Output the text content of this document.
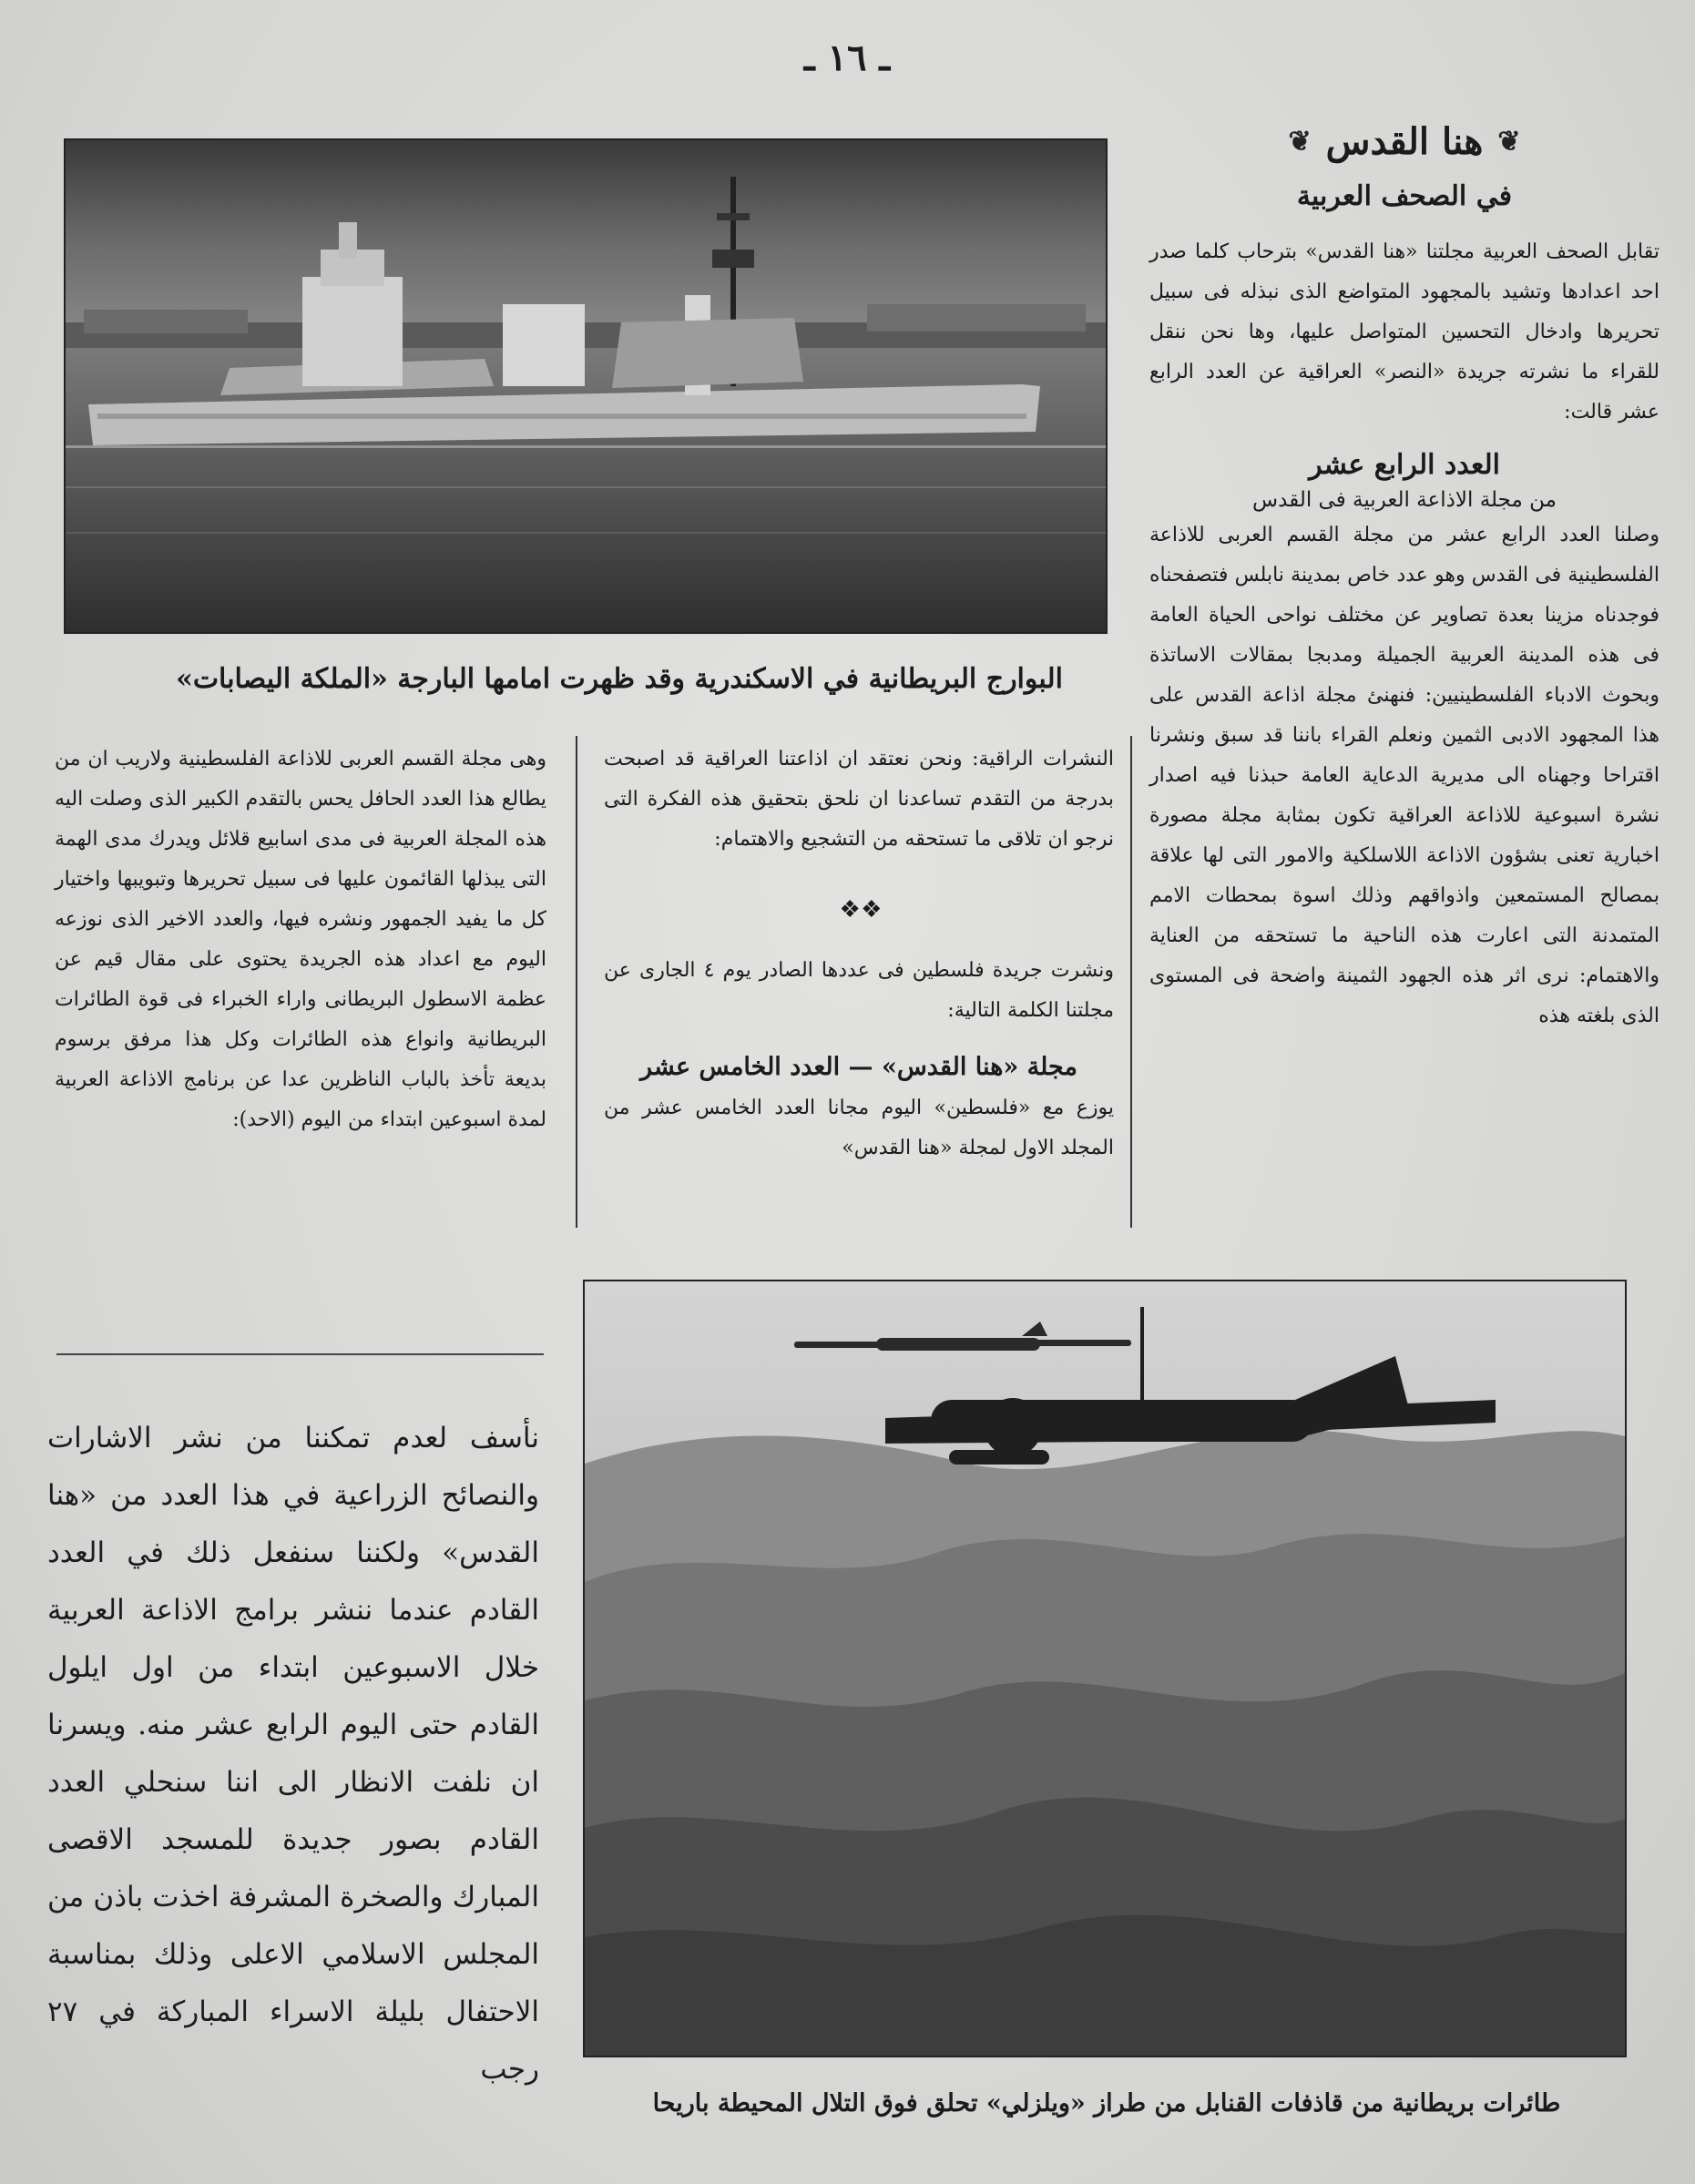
ـ ١٦ ـ
❦ هنا القدس ❦
في الصحف العربية
تقابل الصحف العربية مجلتنا «هنا القدس» بترحاب كلما صدر احد اعدادها وتشيد بالمجهود المتواضع الذى نبذله فى سبيل تحريرها وادخال التحسين المتواصل عليها، وها نحن ننقل للقراء ما نشرته جريدة «النصر» العراقية عن العدد الرابع عشر قالت:
العدد الرابع عشر
من مجلة الاذاعة العربية فى القدس
وصلنا العدد الرابع عشر من مجلة القسم العربى للاذاعة الفلسطينية فى القدس وهو عدد خاص بمدينة نابلس فتصفحناه فوجدناه مزينا بعدة تصاوير عن مختلف نواحى الحياة العامة فى هذه المدينة العربية الجميلة ومدبجا بمقالات الاساتذة وبحوث الادباء الفلسطينيين: فنهنئ مجلة اذاعة القدس على هذا المجهود الادبى الثمين ونعلم القراء باننا قد سبق ونشرنا اقتراحا وجهناه الى مديرية الدعاية العامة حبذنا فيه اصدار نشرة اسبوعية للاذاعة العراقية تكون بمثابة مجلة مصورة اخبارية تعنى بشؤون الاذاعة اللاسلكية والامور التى لها علاقة بمصالح المستمعين واذواقهم وذلك اسوة بمحطات الامم المتمدنة التى اعارت هذه الناحية ما تستحقه من العناية والاهتمام: نرى اثر هذه الجهود الثمينة واضحة فى المستوى الذى بلغته هذه
البوارج البريطانية في الاسكندرية وقد ظهرت امامها البارجة «الملكة اليصابات»
النشرات الراقية: ونحن نعتقد ان اذاعتنا العراقية قد اصبحت بدرجة من التقدم تساعدنا ان نلحق بتحقيق هذه الفكرة التى نرجو ان تلاقى ما تستحقه من التشجيع والاهتمام:
❖ ❖
ونشرت جريدة فلسطين فى عددها الصادر يوم ٤ الجارى عن مجلتنا الكلمة التالية:
مجلة «هنا القدس» — العدد الخامس عشر
يوزع مع «فلسطين» اليوم مجانا العدد الخامس عشر من المجلد الاول لمجلة «هنا القدس»
وهى مجلة القسم العربى للاذاعة الفلسطينية ولاريب ان من يطالع هذا العدد الحافل يحس بالتقدم الكبير الذى وصلت اليه هذه المجلة العربية فى مدى اسابيع قلائل ويدرك مدى الهمة التى يبذلها القائمون عليها فى سبيل تحريرها وتبويبها واختيار كل ما يفيد الجمهور ونشره فيها، والعدد الاخير الذى نوزعه اليوم مع اعداد هذه الجريدة يحتوى على مقال قيم عن عظمة الاسطول البريطانى واراء الخبراء فى قوة الطائرات البريطانية وانواع هذه الطائرات وكل هذا مرفق برسوم بديعة تأخذ بالباب الناظرين عدا عن برنامج الاذاعة العربية لمدة اسبوعين ابتداء من اليوم (الاحد):
نأسف لعدم تمكننا من نشر الاشارات والنصائح الزراعية في هذا العدد من «هنا القدس» ولكننا سنفعل ذلك في العدد القادم عندما ننشر برامج الاذاعة العربية خلال الاسبوعين ابتداء من اول ايلول القادم حتى اليوم الرابع عشر منه. ويسرنا ان نلفت الانظار الى اننا سنحلي العدد القادم بصور جديدة للمسجد الاقصى المبارك والصخرة المشرفة اخذت باذن من المجلس الاسلامي الاعلى وذلك بمناسبة الاحتفال بليلة الاسراء المباركة في ٢٧ رجب
طائرات بريطانية من قاذفات القنابل من طراز «ويلزلي» تحلق فوق التلال المحيطة باريحا
